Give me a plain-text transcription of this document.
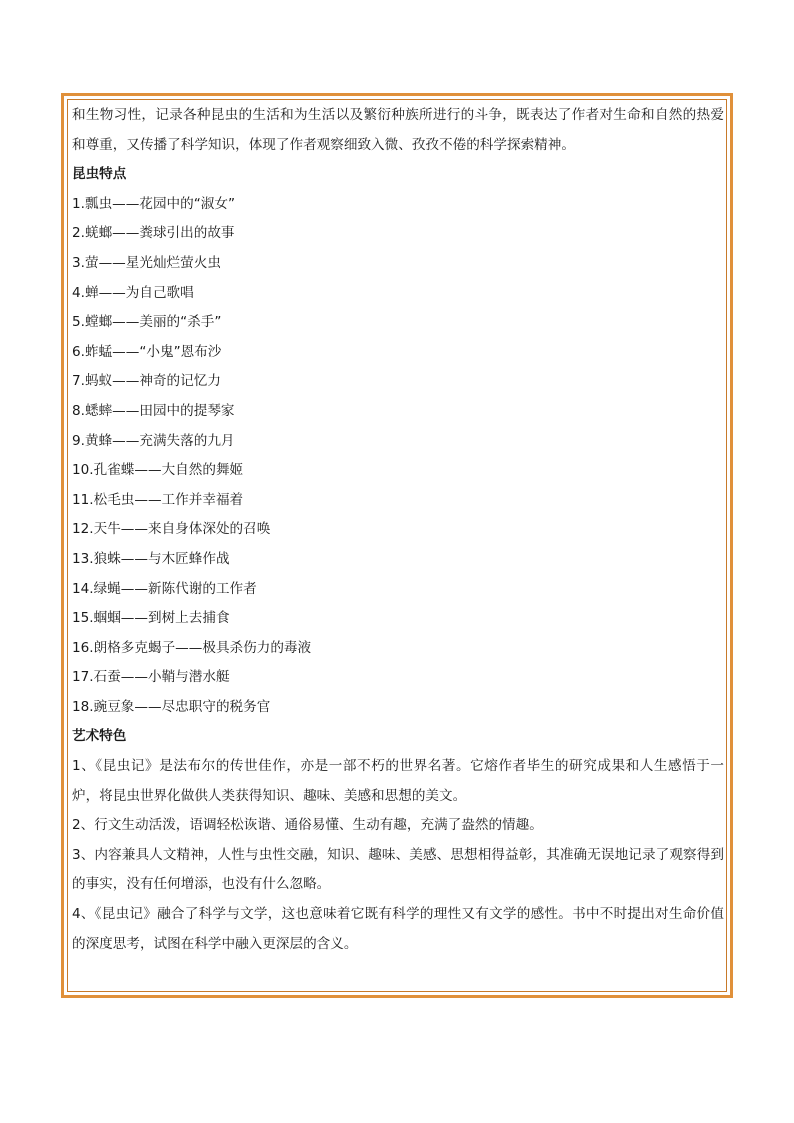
和生物习性，记录各种昆虫的生活和为生活以及繁衍种族所进行的斗争，既表达了作者对生命和自然的热爱和尊重，又传播了科学知识，体现了作者观察细致入微、孜孜不倦的科学探索精神。

昆虫特点

1.瓢虫——花园中的“淑女”

2.蜣螂——粪球引出的故事

3.萤——星光灿烂萤火虫

4.蝉——为自己歌唱

5.螳螂——美丽的“杀手”

6.蚱蜢——“小鬼”恩布沙

7.蚂蚁——神奇的记忆力

8.蟋蟀——田园中的提琴家

9.黄蜂——充满失落的九月

10.孔雀蝶——大自然的舞姬

11.松毛虫——工作并幸福着

12.天牛——来自身体深处的召唤

13.狼蛛——与木匠蜂作战

14.绿蝇——新陈代谢的工作者

15.蝈蝈——到树上去捕食

16.朗格多克蝎子——极具杀伤力的毒液

17.石蚕——小鞘与潜水艇

18.豌豆象——尽忠职守的税务官

艺术特色

1、《昆虫记》是法布尔的传世佳作，亦是一部不朽的世界名著。它熔作者毕生的研究成果和人生感悟于一炉，将昆虫世界化做供人类获得知识、趣味、美感和思想的美文。

2、行文生动活泼，语调轻松诙谐、通俗易懂、生动有趣，充满了盎然的情趣。

3、内容兼具人文精神，人性与虫性交融，知识、趣味、美感、思想相得益彰，其准确无误地记录了观察得到的事实，没有任何增添，也没有什么忽略。

4、《昆虫记》融合了科学与文学，这也意味着它既有科学的理性又有文学的感性。书中不时提出对生命价值的深度思考，试图在科学中融入更深层的含义。
